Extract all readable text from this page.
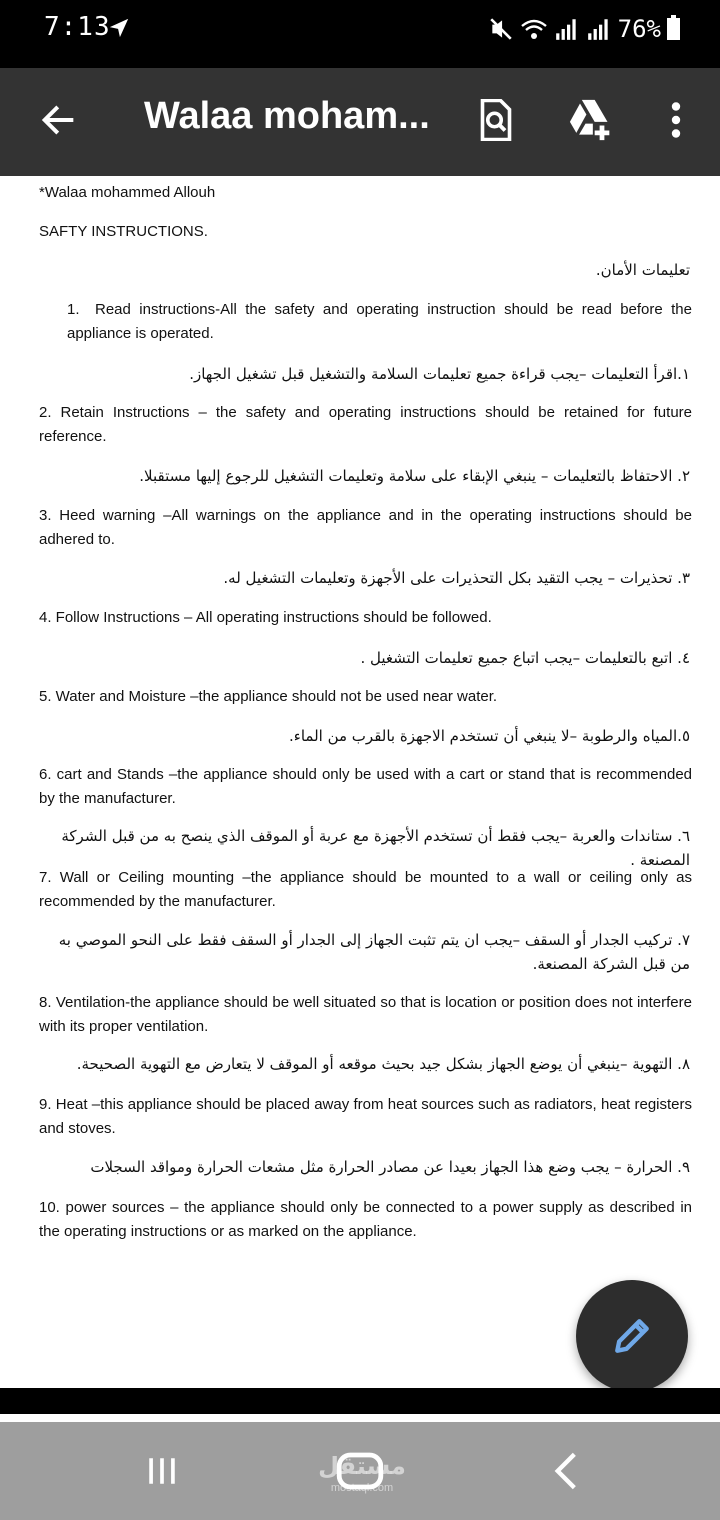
7:13	76%
Walaa moham...

*Walaa mohammed Allouh

SAFTY INSTRUCTIONS.

تعليمات الأمان.

1. Read instructions-All the safety and operating instruction should be read before the appliance is operated.

١.اقرأ التعليمات –يجب قراءة جميع تعليمات السلامة والتشغيل قبل تشغيل الجهاز.

2. Retain Instructions – the safety and operating instructions should be retained for future reference.

٢. الاحتفاظ بالتعليمات – ينبغي الإبقاء على سلامة وتعليمات التشغيل للرجوع إليها مستقبلا.

3. Heed warning –All warnings on the appliance and in the operating instructions should be adhered to.

٣. تحذيرات – يجب التقيد بكل التحذيرات على الأجهزة وتعليمات التشغيل له.

4. Follow Instructions – All operating instructions should be followed.

٤. اتبع بالتعليمات –يجب اتباع جميع تعليمات التشغيل .

5. Water and Moisture –the appliance should not be used near water.

٥.المياه والرطوبة –لا ينبغي أن تستخدم الاجهزة بالقرب من الماء.

6. cart and Stands –the appliance should only be used with a cart or stand that is recommended by the manufacturer.

٦. ستاندات والعربة –يجب فقط أن تستخدم الأجهزة مع عربة أو الموقف الذي ينصح به من قبل الشركة المصنعة .

7. Wall or Ceiling mounting –the appliance should be mounted to a wall or ceiling only as recommended by the manufacturer.

٧. تركيب الجدار أو السقف –يجب ان يتم تثبت الجهاز إلى الجدار أو السقف فقط على النحو الموصي به من قبل الشركة المصنعة.

8. Ventilation-the appliance should be well situated so that is location or position does not interfere with its proper ventilation.

٨. التهوية –ينبغي أن يوضع الجهاز بشكل جيد بحيث موقعه أو الموقف لا يتعارض مع التهوية الصحيحة.

9. Heat –this appliance should be placed away from heat sources such as radiators, heat registers and stoves.

٩. الحرارة – يجب وضع هذا الجهاز بعيدا عن مصادر الحرارة مثل مشعات الحرارة ومواقد السجلات

10. power sources – the appliance should only be connected to a power supply as described in the operating instructions or as marked on the appliance.

مستقل
mostaql.com
